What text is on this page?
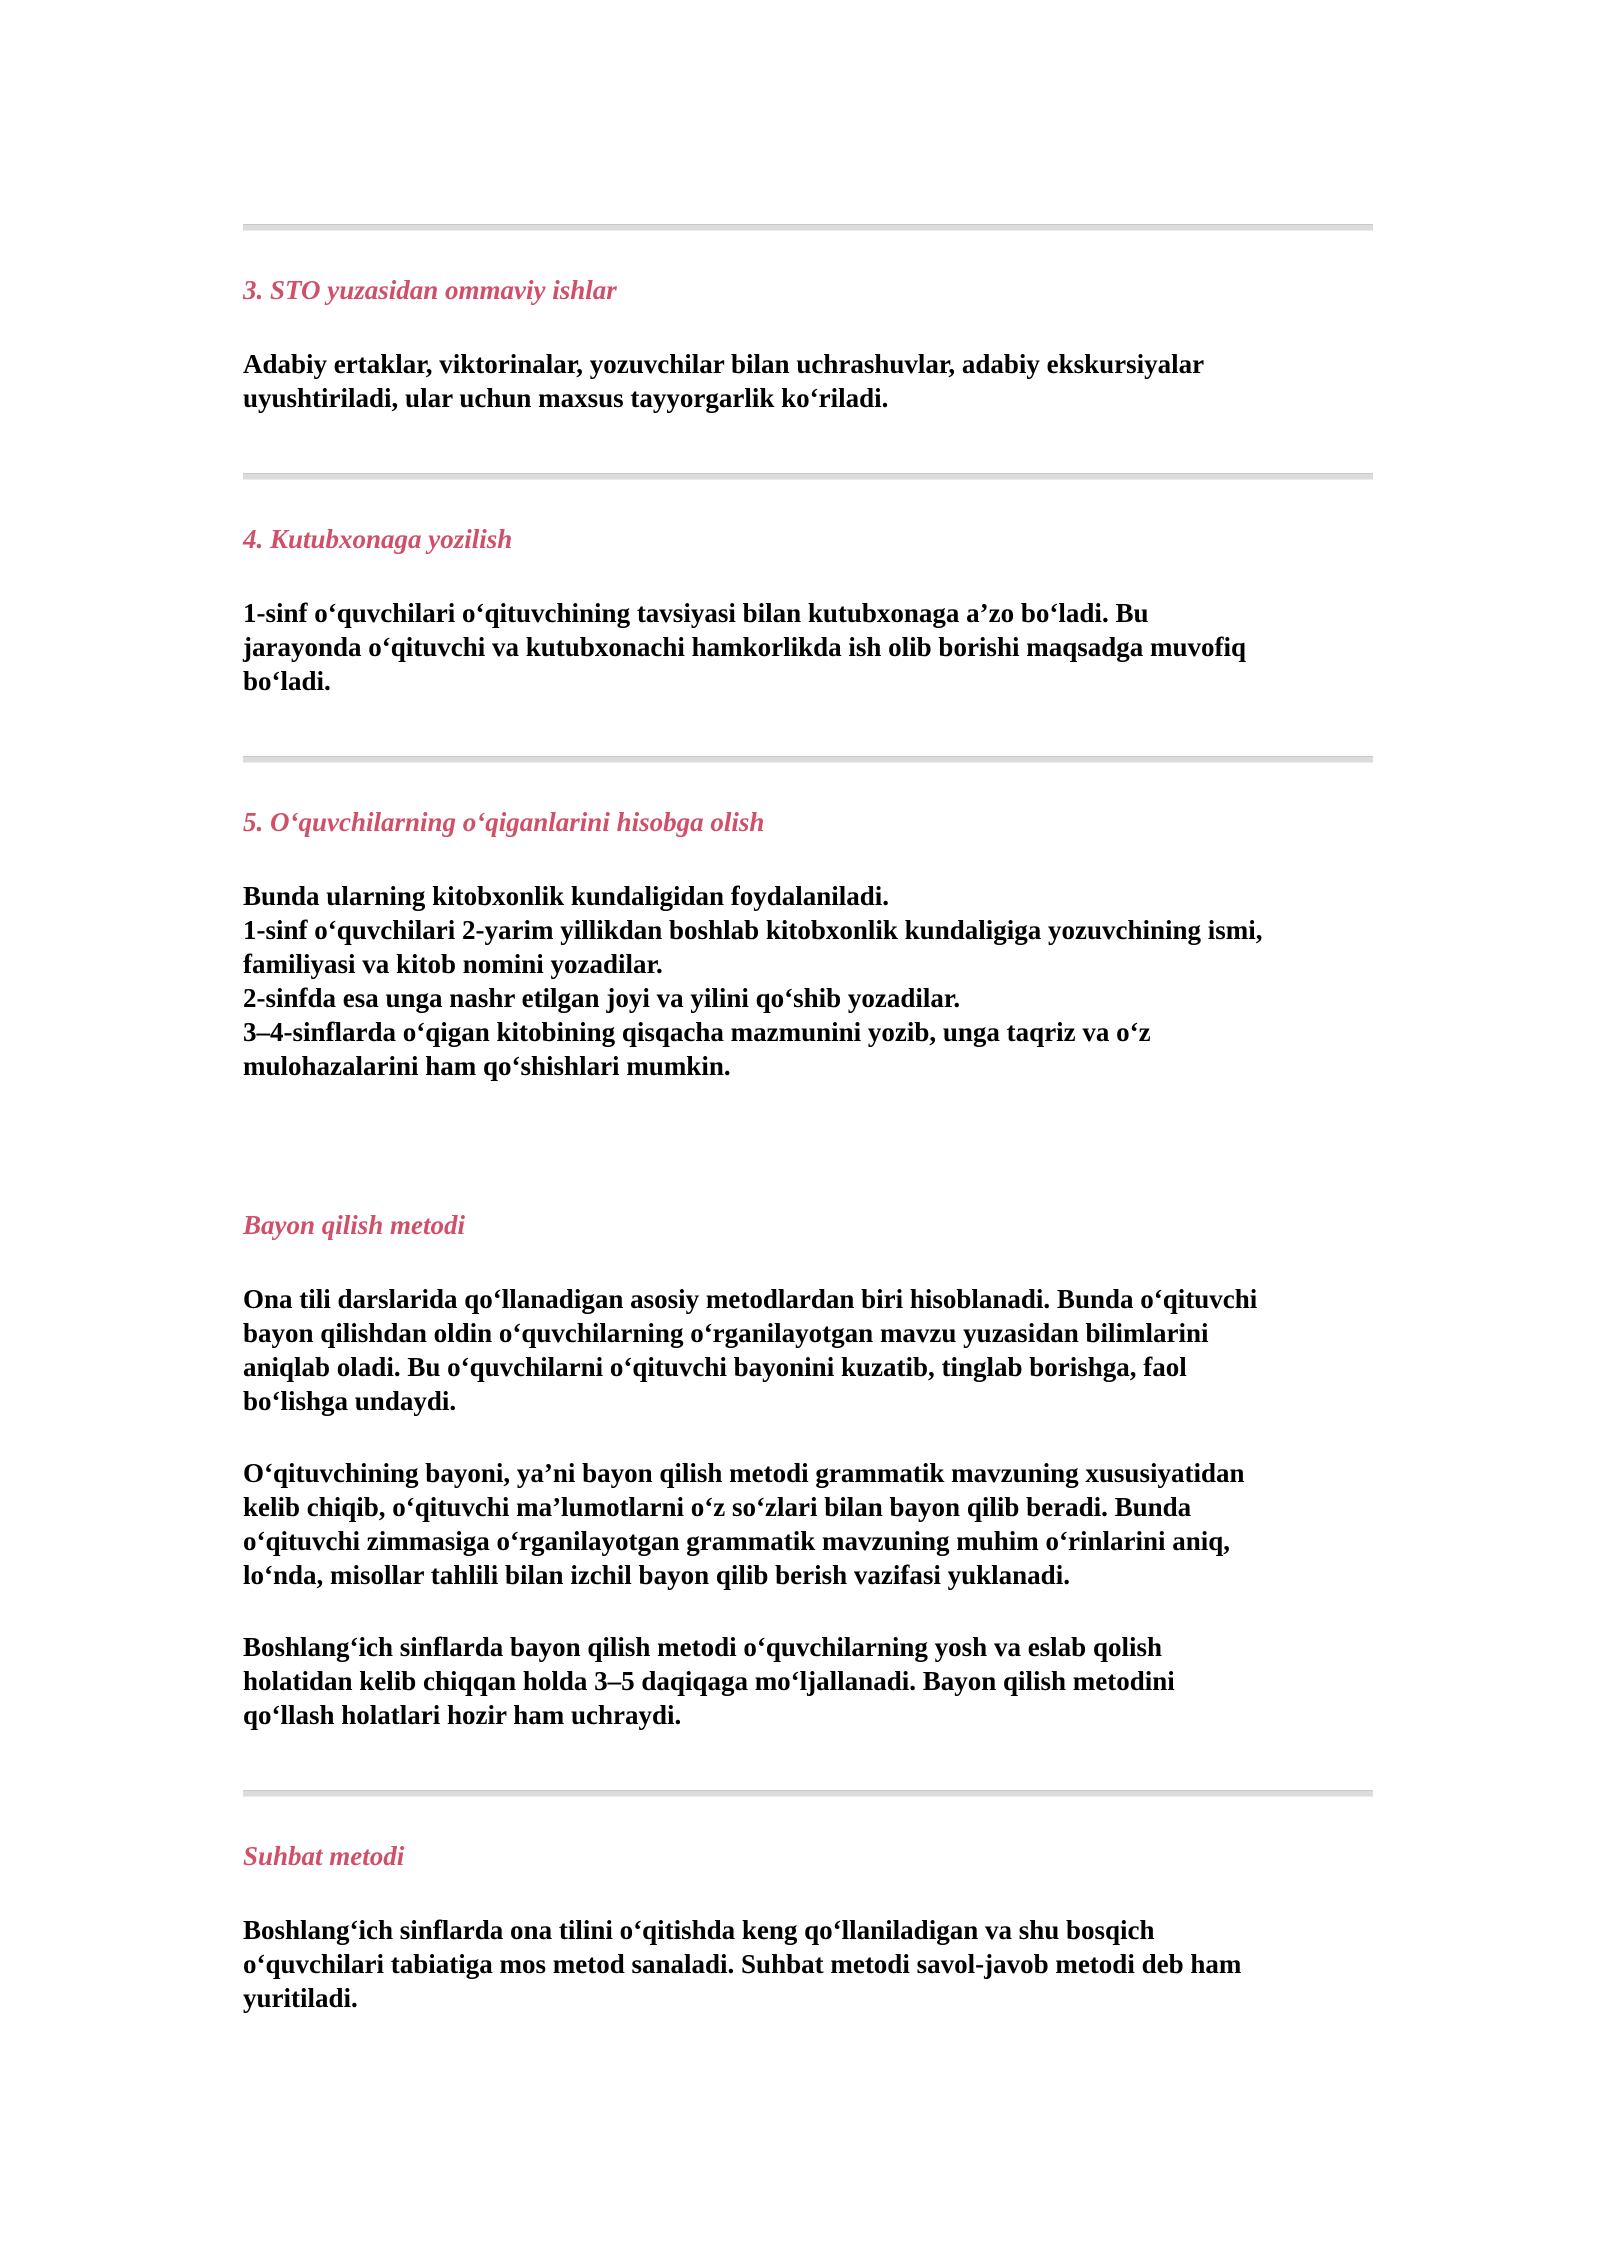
3. STO yuzasidan ommaviy ishlar

Adabiy ertaklar, viktorinalar, yozuvchilar bilan uchrashuvlar, adabiy ekskursiyalar
uyushtiriladi, ular uchun maxsus tayyorgarlik ko‘riladi.

4. Kutubxonaga yozilish

1-sinf o‘quvchilari o‘qituvchining tavsiyasi bilan kutubxonaga a’zo bo‘ladi. Bu
jarayonda o‘qituvchi va kutubxonachi hamkorlikda ish olib borishi maqsadga muvofiq
bo‘ladi.

5. O‘quvchilarning o‘qiganlarini hisobga olish

Bunda ularning kitobxonlik kundaligidan foydalaniladi.
1-sinf o‘quvchilari 2-yarim yillikdan boshlab kitobxonlik kundaligiga yozuvchining ismi,
familiyasi va kitob nomini yozadilar.
2-sinfda esa unga nashr etilgan joyi va yilini qo‘shib yozadilar.
3–4-sinflarda o‘qigan kitobining qisqacha mazmunini yozib, unga taqriz va o‘z
mulohazalarini ham qo‘shishlari mumkin.

Bayon qilish metodi

Ona tili darslarida qo‘llanadigan asosiy metodlardan biri hisoblanadi. Bunda o‘qituvchi
bayon qilishdan oldin o‘quvchilarning o‘rganilayotgan mavzu yuzasidan bilimlarini
aniqlab oladi. Bu o‘quvchilarni o‘qituvchi bayonini kuzatib, tinglab borishga, faol
bo‘lishga undaydi.

O‘qituvchining bayoni, ya’ni bayon qilish metodi grammatik mavzuning xususiyatidan
kelib chiqib, o‘qituvchi ma’lumotlarni o‘z so‘zlari bilan bayon qilib beradi. Bunda
o‘qituvchi zimmasiga o‘rganilayotgan grammatik mavzuning muhim o‘rinlarini aniq,
lo‘nda, misollar tahlili bilan izchil bayon qilib berish vazifasi yuklanadi.

Boshlang‘ich sinflarda bayon qilish metodi o‘quvchilarning yosh va eslab qolish
holatidan kelib chiqqan holda 3–5 daqiqaga mo‘ljallanadi. Bayon qilish metodini
qo‘llash holatlari hozir ham uchraydi.

Suhbat metodi

Boshlang‘ich sinflarda ona tilini o‘qitishda keng qo‘llaniladigan va shu bosqich
o‘quvchilari tabiatiga mos metod sanaladi. Suhbat metodi savol-javob metodi deb ham
yuritiladi.
